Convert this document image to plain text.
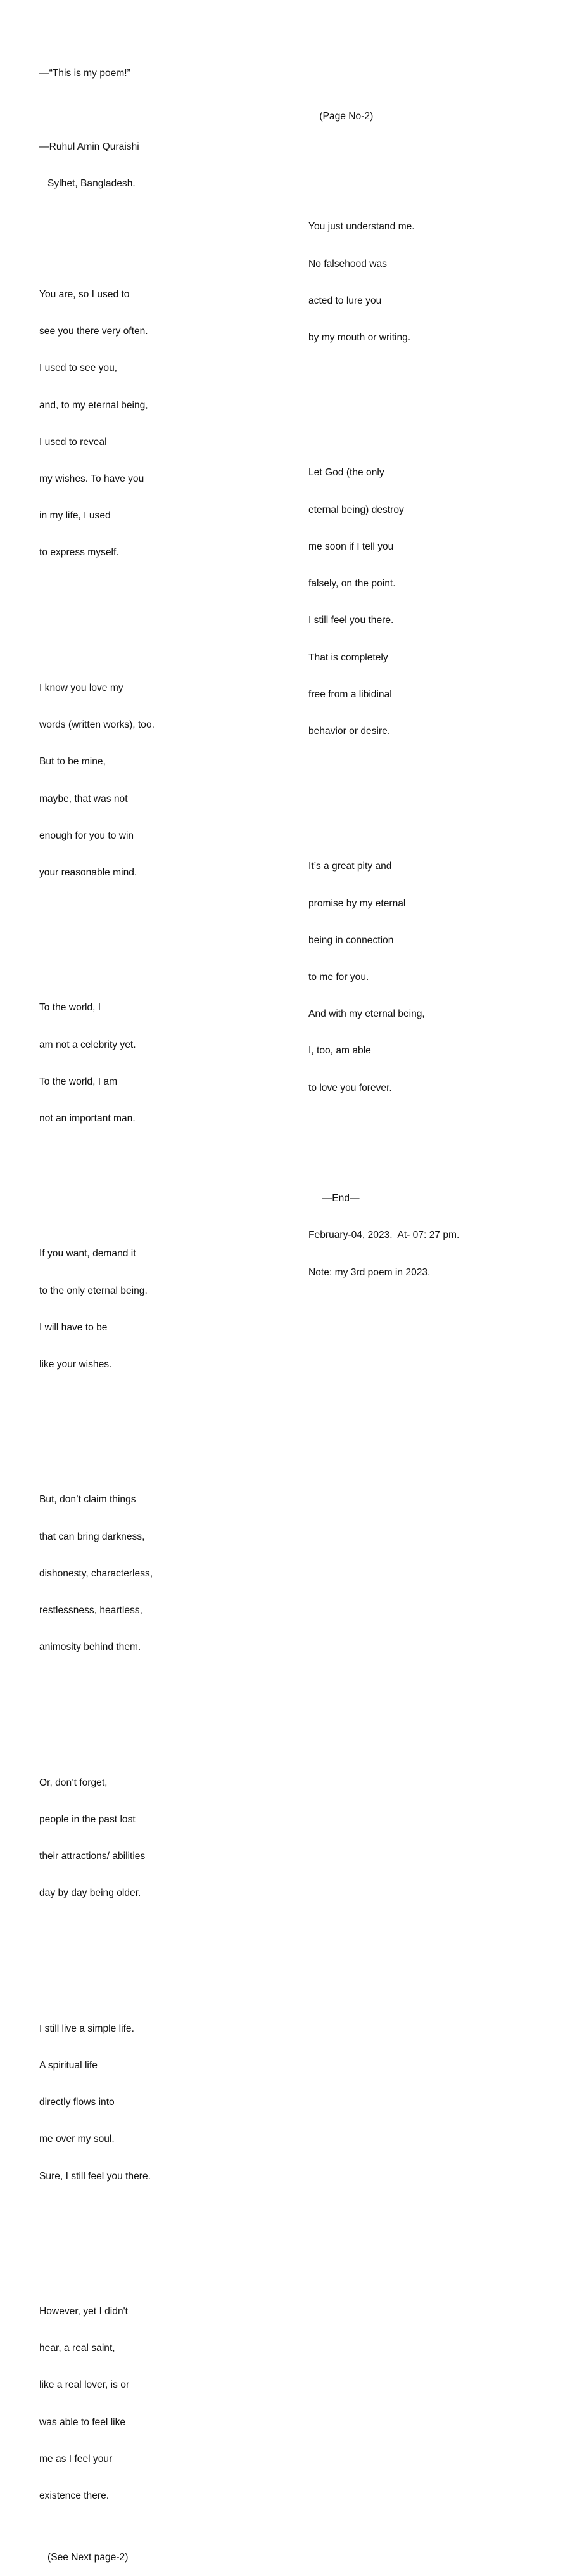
—“This is my poem!”

—Ruhul Amin Quraishi

Sylhet, Bangladesh.

You are, so I used to

see you there very often.

I used to see you,

and, to my eternal being,

I used to reveal

my wishes. To have you

in my life, I used

to express myself.

I know you love my

words (written works), too.

But to be mine,

maybe, that was not

enough for you to win

your reasonable mind.

To the world, I

am not a celebrity yet.

To the world, I am

not an important man.

If you want, demand it

to the only eternal being.

I will have to be

like your wishes.

But, don’t claim things

that can bring darkness,

dishonesty, characterless,

restlessness, heartless,

animosity behind them.

Or, don’t forget,

people in the past lost

their attractions/ abilities

day by day being older.

I still live a simple life.

A spiritual life

directly flows into

me over my soul.

Sure, I still feel you there.

However, yet I didn't

hear, a real saint,

like a real lover, is or

was able to feel like

me as I feel your

existence there.

(See Next page-2)

(Page No-2)

You just understand me.

No falsehood was

acted to lure you

by my mouth or writing.

Let God (the only

eternal being) destroy

me soon if I tell you

falsely, on the point.

I still feel you there.

That is completely

free from a libidinal

behavior or desire.

It’s a great pity and

promise by my eternal

being in connection

to me for you.

And with my eternal being,

I, too, am able

to love you forever.

—End—

February-04, 2023.  At- 07: 27 pm.

Note: my 3rd poem in 2023.
